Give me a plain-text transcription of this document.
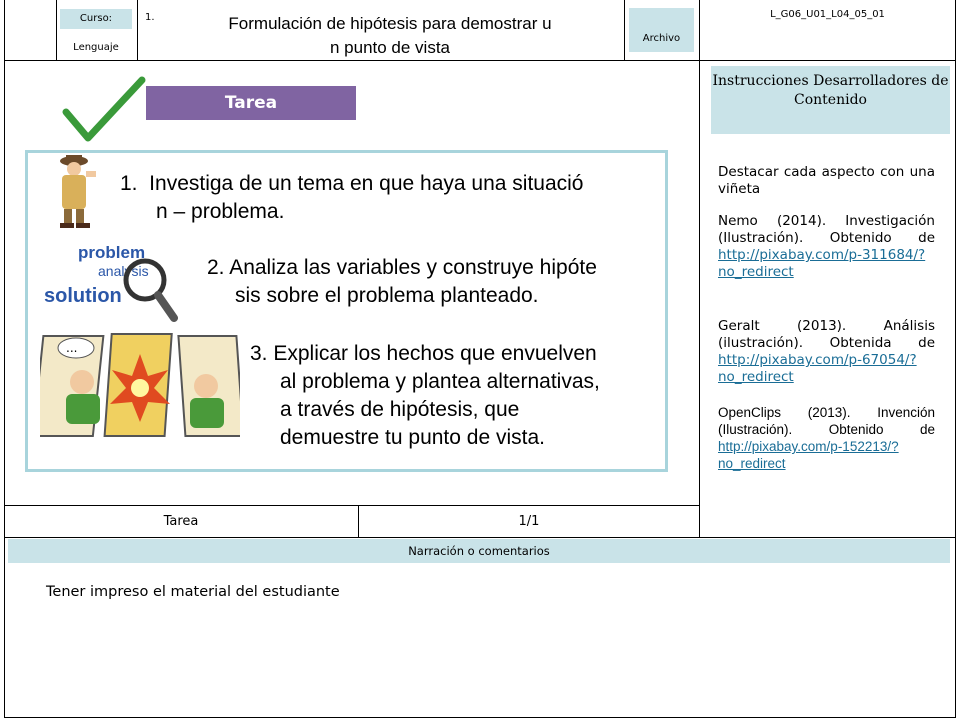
Curso:
Lenguaje
1.	Formulación de hipótesis para demostrar u
n punto de vista	Archivo
L_G06_U01_L04_05_01
Tarea
1.  Investiga de un tema en que haya una situació
n – problema.
problem
analysis
solution
2. Analiza las variables y construye hipóte
sis sobre el problema planteado.
...	3. Explicar los hechos que envuelven
al problema y plantea alternativas,
a través de hipótesis, que
demuestre tu punto de vista.
Instrucciones Desarrolladores de Contenido
Destacar cada aspecto con una viñeta
Nemo (2014). Investigación (Ilustración). Obtenido de http://pixabay.com/p-311684/?no_redirect
Geralt (2013). Análisis (ilustración). Obtenida de http://pixabay.com/p-67054/?no_redirect
OpenClips (2013). Invención (Ilustración). Obtenido de http://pixabay.com/p-152213/?no_redirect
Tarea	1/1
Narración o comentarios
Tener impreso el material del estudiante
